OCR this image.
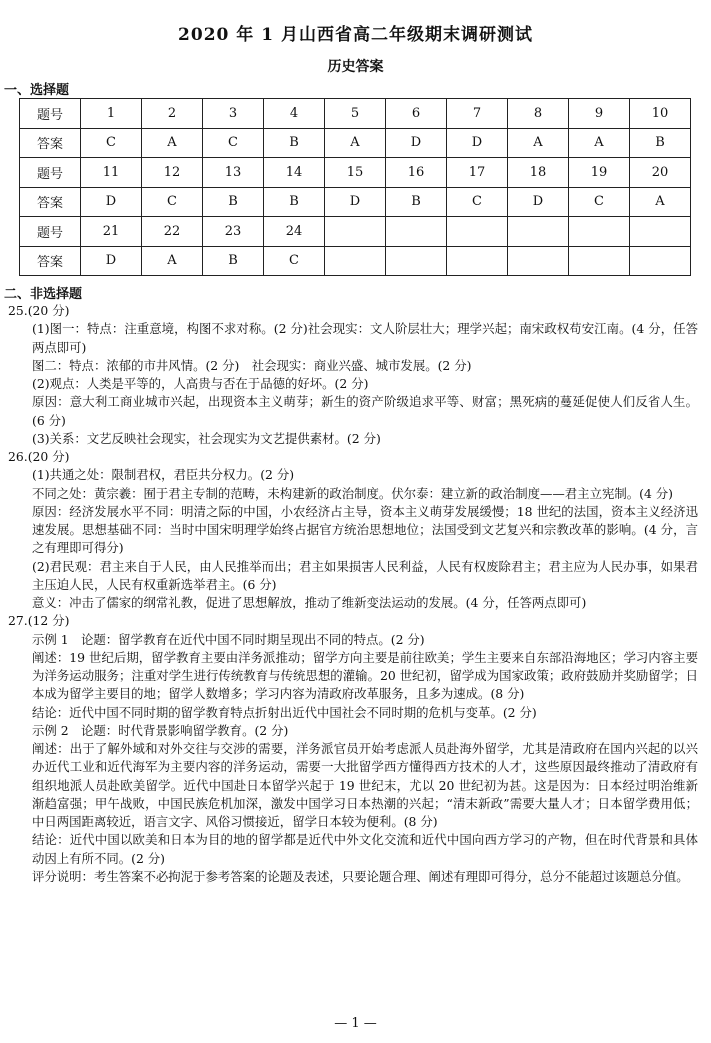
2020 年 1 月山西省高二年级期末调研测试
历史答案
一、选择题
题号	1	2	3	4	5	6	7	8	9	10
答案	C	A	C	B	A	D	D	A	A	B
题号	11	12	13	14	15	16	17	18	19	20
答案	D	C	B	B	D	B	C	D	C	A
题号	21	22	23	24						
答案	D	A	B	C						
二、非选择题

25.(20 分)

(1)图一：特点：注重意境，构图不求对称。(2 分)社会现实：文人阶层壮大；理学兴起；南宋政权苟安江南。(4 分，任答两点即可)

图二：特点：浓郁的市井风情。(2 分)　社会现实：商业兴盛、城市发展。(2 分)

(2)观点：人类是平等的，人高贵与否在于品德的好坏。(2 分)

原因：意大利工商业城市兴起，出现资本主义萌芽；新生的资产阶级追求平等、财富；黑死病的蔓延促使人们反省人生。(6 分)

(3)关系：文艺反映社会现实，社会现实为文艺提供素材。(2 分)

26.(20 分)

(1)共通之处：限制君权，君臣共分权力。(2 分)

不同之处：黄宗羲：囿于君主专制的范畴，未构建新的政治制度。伏尔泰：建立新的政治制度——君主立宪制。(4 分)

原因：经济发展水平不同：明清之际的中国，小农经济占主导，资本主义萌芽发展缓慢；18 世纪的法国，资本主义经济迅速发展。思想基础不同：当时中国宋明理学始终占据官方统治思想地位；法国受到文艺复兴和宗教改革的影响。(4 分，言之有理即可得分)

(2)君民观：君主来自于人民，由人民推举而出；君主如果损害人民利益，人民有权废除君主；君主应为人民办事，如果君主压迫人民，人民有权重新选举君主。(6 分)

意义：冲击了儒家的纲常礼教，促进了思想解放，推动了维新变法运动的发展。(4 分，任答两点即可)

27.(12 分)

示例 1　论题：留学教育在近代中国不同时期呈现出不同的特点。(2 分)

阐述：19 世纪后期，留学教育主要由洋务派推动；留学方向主要是前往欧美；学生主要来自东部沿海地区；学习内容主要为洋务运动服务；注重对学生进行传统教育与传统思想的灌输。20 世纪初，留学成为国家政策；政府鼓励并奖励留学；日本成为留学主要目的地；留学人数增多；学习内容为清政府改革服务，且多为速成。(8 分)

结论：近代中国不同时期的留学教育特点折射出近代中国社会不同时期的危机与变革。(2 分)

示例 2　论题：时代背景影响留学教育。(2 分)

阐述：出于了解外域和对外交往与交涉的需要，洋务派官员开始考虑派人员赴海外留学，尤其是清政府在国内兴起的以兴办近代工业和近代海军为主要内容的洋务运动，需要一大批留学西方懂得西方技术的人才，这些原因最终推动了清政府有组织地派人员赴欧美留学。近代中国赴日本留学兴起于 19 世纪末，尤以 20 世纪初为甚。这是因为：日本经过明治维新渐趋富强；甲午战败，中国民族危机加深，激发中国学习日本热潮的兴起；“清末新政”需要大量人才；日本留学费用低；中日两国距离较近，语言文字、风俗习惯接近，留学日本较为便利。(8 分)

结论：近代中国以欧美和日本为目的地的留学都是近代中外文化交流和近代中国向西方学习的产物，但在时代背景和具体动因上有所不同。(2 分)

评分说明：考生答案不必拘泥于参考答案的论题及表述，只要论题合理、阐述有理即可得分，总分不能超过该题总分值。

— 1 —
